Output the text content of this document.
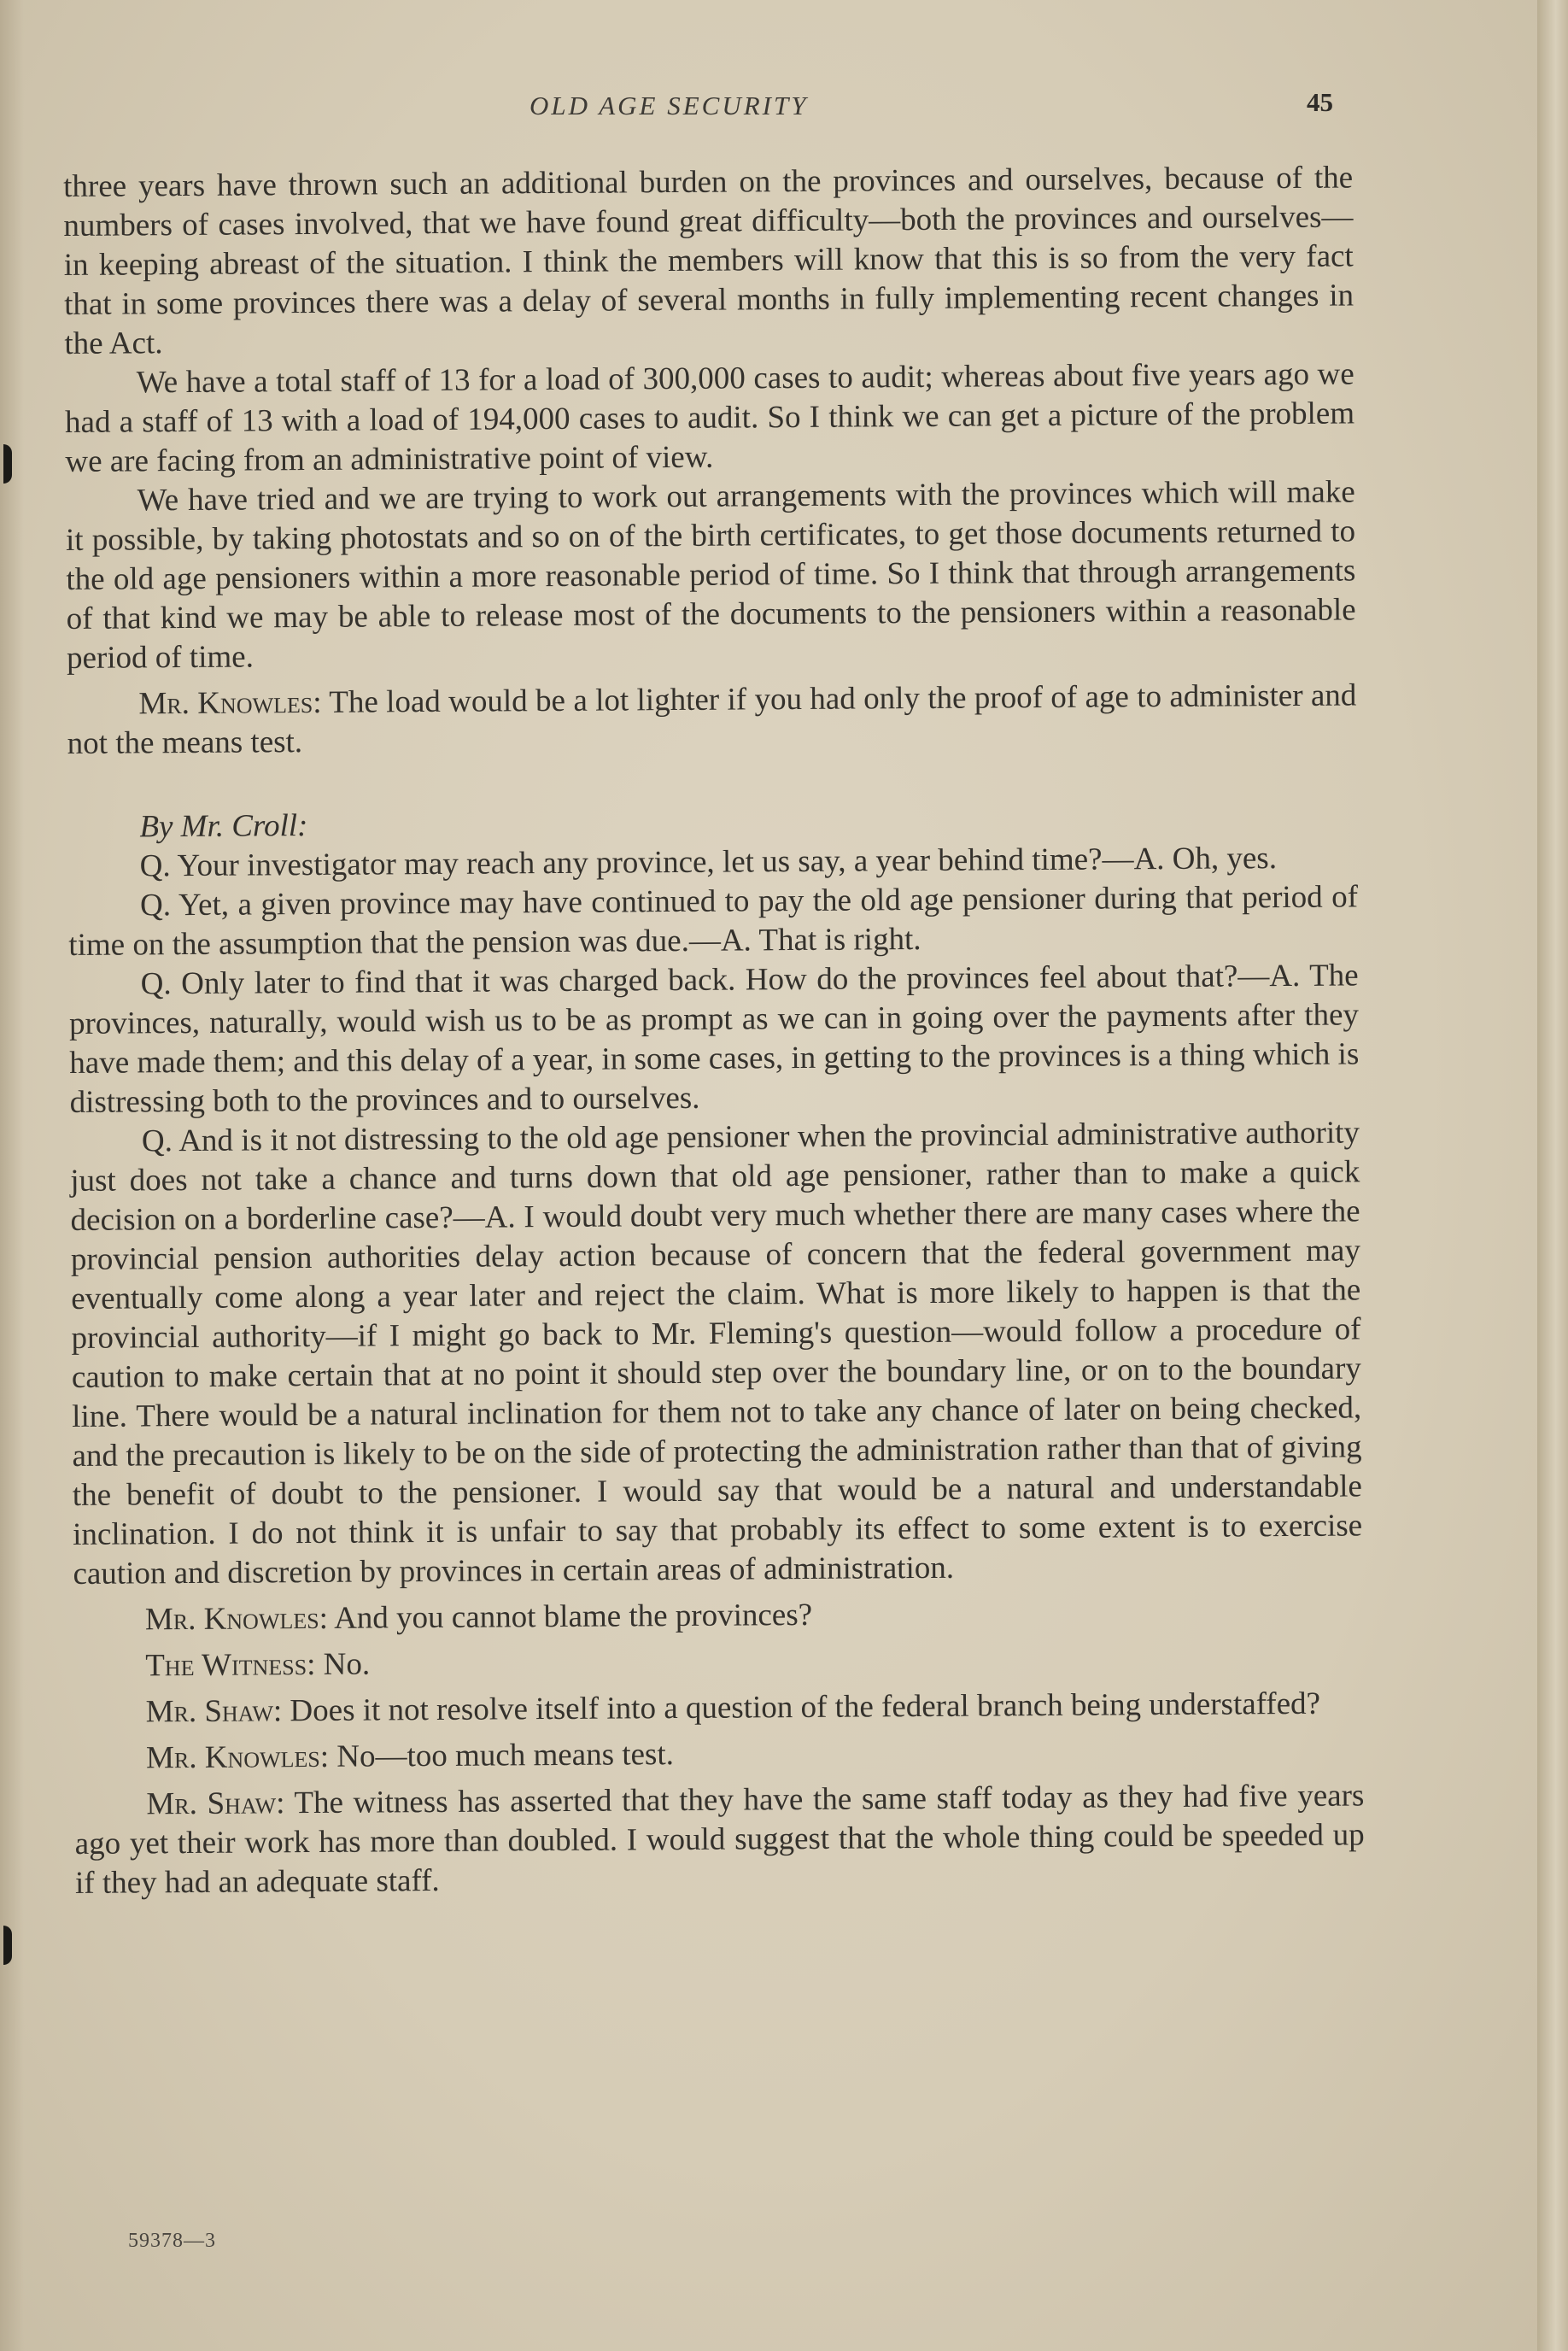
OLD AGE SECURITY	45

three years have thrown such an additional burden on the provinces and ourselves, because of the numbers of cases involved, that we have found great difficulty—both the provinces and ourselves—in keeping abreast of the situation. I think the members will know that this is so from the very fact that in some provinces there was a delay of several months in fully implementing recent changes in the Act.

We have a total staff of 13 for a load of 300,000 cases to audit; whereas about five years ago we had a staff of 13 with a load of 194,000 cases to audit. So I think we can get a picture of the problem we are facing from an administrative point of view.

We have tried and we are trying to work out arrangements with the provinces which will make it possible, by taking photostats and so on of the birth certificates, to get those documents returned to the old age pensioners within a more reasonable period of time. So I think that through arrangements of that kind we may be able to release most of the documents to the pensioners within a reasonable period of time.

Mr. Knowles: The load would be a lot lighter if you had only the proof of age to administer and not the means test.

By Mr. Croll:

Q. Your investigator may reach any province, let us say, a year behind time?—A. Oh, yes.

Q. Yet, a given province may have continued to pay the old age pensioner during that period of time on the assumption that the pension was due.—A. That is right.

Q. Only later to find that it was charged back. How do the provinces feel about that?—A. The provinces, naturally, would wish us to be as prompt as we can in going over the payments after they have made them; and this delay of a year, in some cases, in getting to the provinces is a thing which is distressing both to the provinces and to ourselves.

Q. And is it not distressing to the old age pensioner when the provincial administrative authority just does not take a chance and turns down that old age pensioner, rather than to make a quick decision on a borderline case?—A. I would doubt very much whether there are many cases where the provincial pension authorities delay action because of concern that the federal government may eventually come along a year later and reject the claim. What is more likely to happen is that the provincial authority—if I might go back to Mr. Fleming's question—would follow a procedure of caution to make certain that at no point it should step over the boundary line, or on to the boundary line. There would be a natural inclination for them not to take any chance of later on being checked, and the precaution is likely to be on the side of protecting the administration rather than that of giving the benefit of doubt to the pensioner. I would say that would be a natural and understandable inclination. I do not think it is unfair to say that probably its effect to some extent is to exercise caution and discretion by provinces in certain areas of administration.

Mr. Knowles: And you cannot blame the provinces?

The Witness: No.

Mr. Shaw: Does it not resolve itself into a question of the federal branch being understaffed?

Mr. Knowles: No—too much means test.

Mr. Shaw: The witness has asserted that they have the same staff today as they had five years ago yet their work has more than doubled. I would suggest that the whole thing could be speeded up if they had an adequate staff.

59378—3
